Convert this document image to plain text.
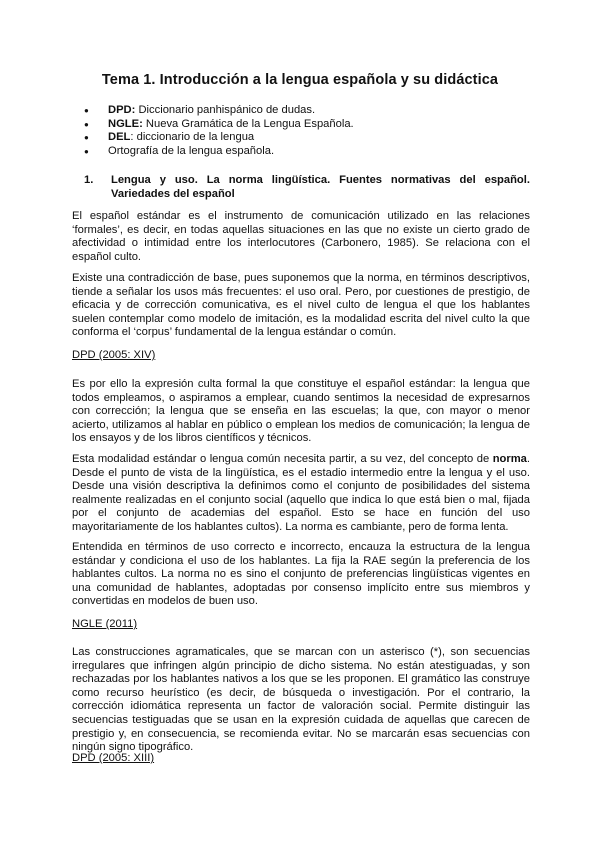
Tema 1. Introducción a la lengua española y su didáctica
● DPD: Diccionario panhispánico de dudas.
● NGLE: Nueva Gramática de la Lengua Española.
● DEL: diccionario de la lengua
● Ortografía de la lengua española.
1. Lengua y uso. La norma lingüística. Fuentes normativas del español. Variedades del español

El español estándar es el instrumento de comunicación utilizado en las relaciones ‘formales’, es decir, en todas aquellas situaciones en las que no existe un cierto grado de afectividad o intimidad entre los interlocutores (Carbonero, 1985). Se relaciona con el español culto.

Existe una contradicción de base, pues suponemos que la norma, en términos descriptivos, tiende a señalar los usos más frecuentes: el uso oral. Pero, por cuestiones de prestigio, de eficacia y de corrección comunicativa, es el nivel culto de lengua el que los hablantes suelen contemplar como modelo de imitación, es la modalidad escrita del nivel culto la que conforma el ‘corpus’ fundamental de la lengua estándar o común.

DPD (2005: XIV)

Es por ello la expresión culta formal la que constituye el español estándar: la lengua que todos empleamos, o aspiramos a emplear, cuando sentimos la necesidad de expresarnos con corrección; la lengua que se enseña en las escuelas; la que, con mayor o menor acierto, utilizamos al hablar en público o emplean los medios de comunicación; la lengua de los ensayos y de los libros científicos y técnicos.

Esta modalidad estándar o lengua común necesita partir, a su vez, del concepto de norma. Desde el punto de vista de la lingüística, es el estadio intermedio entre la lengua y el uso. Desde una visión descriptiva la definimos como el conjunto de posibilidades del sistema realmente realizadas en el conjunto social (aquello que indica lo que está bien o mal, fijada por el conjunto de academias del español. Esto se hace en función del uso mayoritariamente de los hablantes cultos). La norma es cambiante, pero de forma lenta.

Entendida en términos de uso correcto e incorrecto, encauza la estructura de la lengua estándar y condiciona el uso de los hablantes. La fija la RAE según la preferencia de los hablantes cultos. La norma no es sino el conjunto de preferencias lingüísticas vigentes en una comunidad de hablantes, adoptadas por consenso implícito entre sus miembros y convertidas en modelos de buen uso.

NGLE (2011)

Las construcciones agramaticales, que se marcan con un asterisco (*), son secuencias irregulares que infringen algún principio de dicho sistema. No están atestiguadas, y son rechazadas por los hablantes nativos a los que se les proponen. El gramático las construye como recurso heurístico (es decir, de búsqueda o investigación. Por el contrario, la corrección idiomática representa un factor de valoración social. Permite distinguir las secuencias testiguadas que se usan en la expresión cuidada de aquellas que carecen de prestigio y, en consecuencia, se recomienda evitar. No se marcarán esas secuencias con ningún signo tipográfico.

DPD (2005: XIII)
